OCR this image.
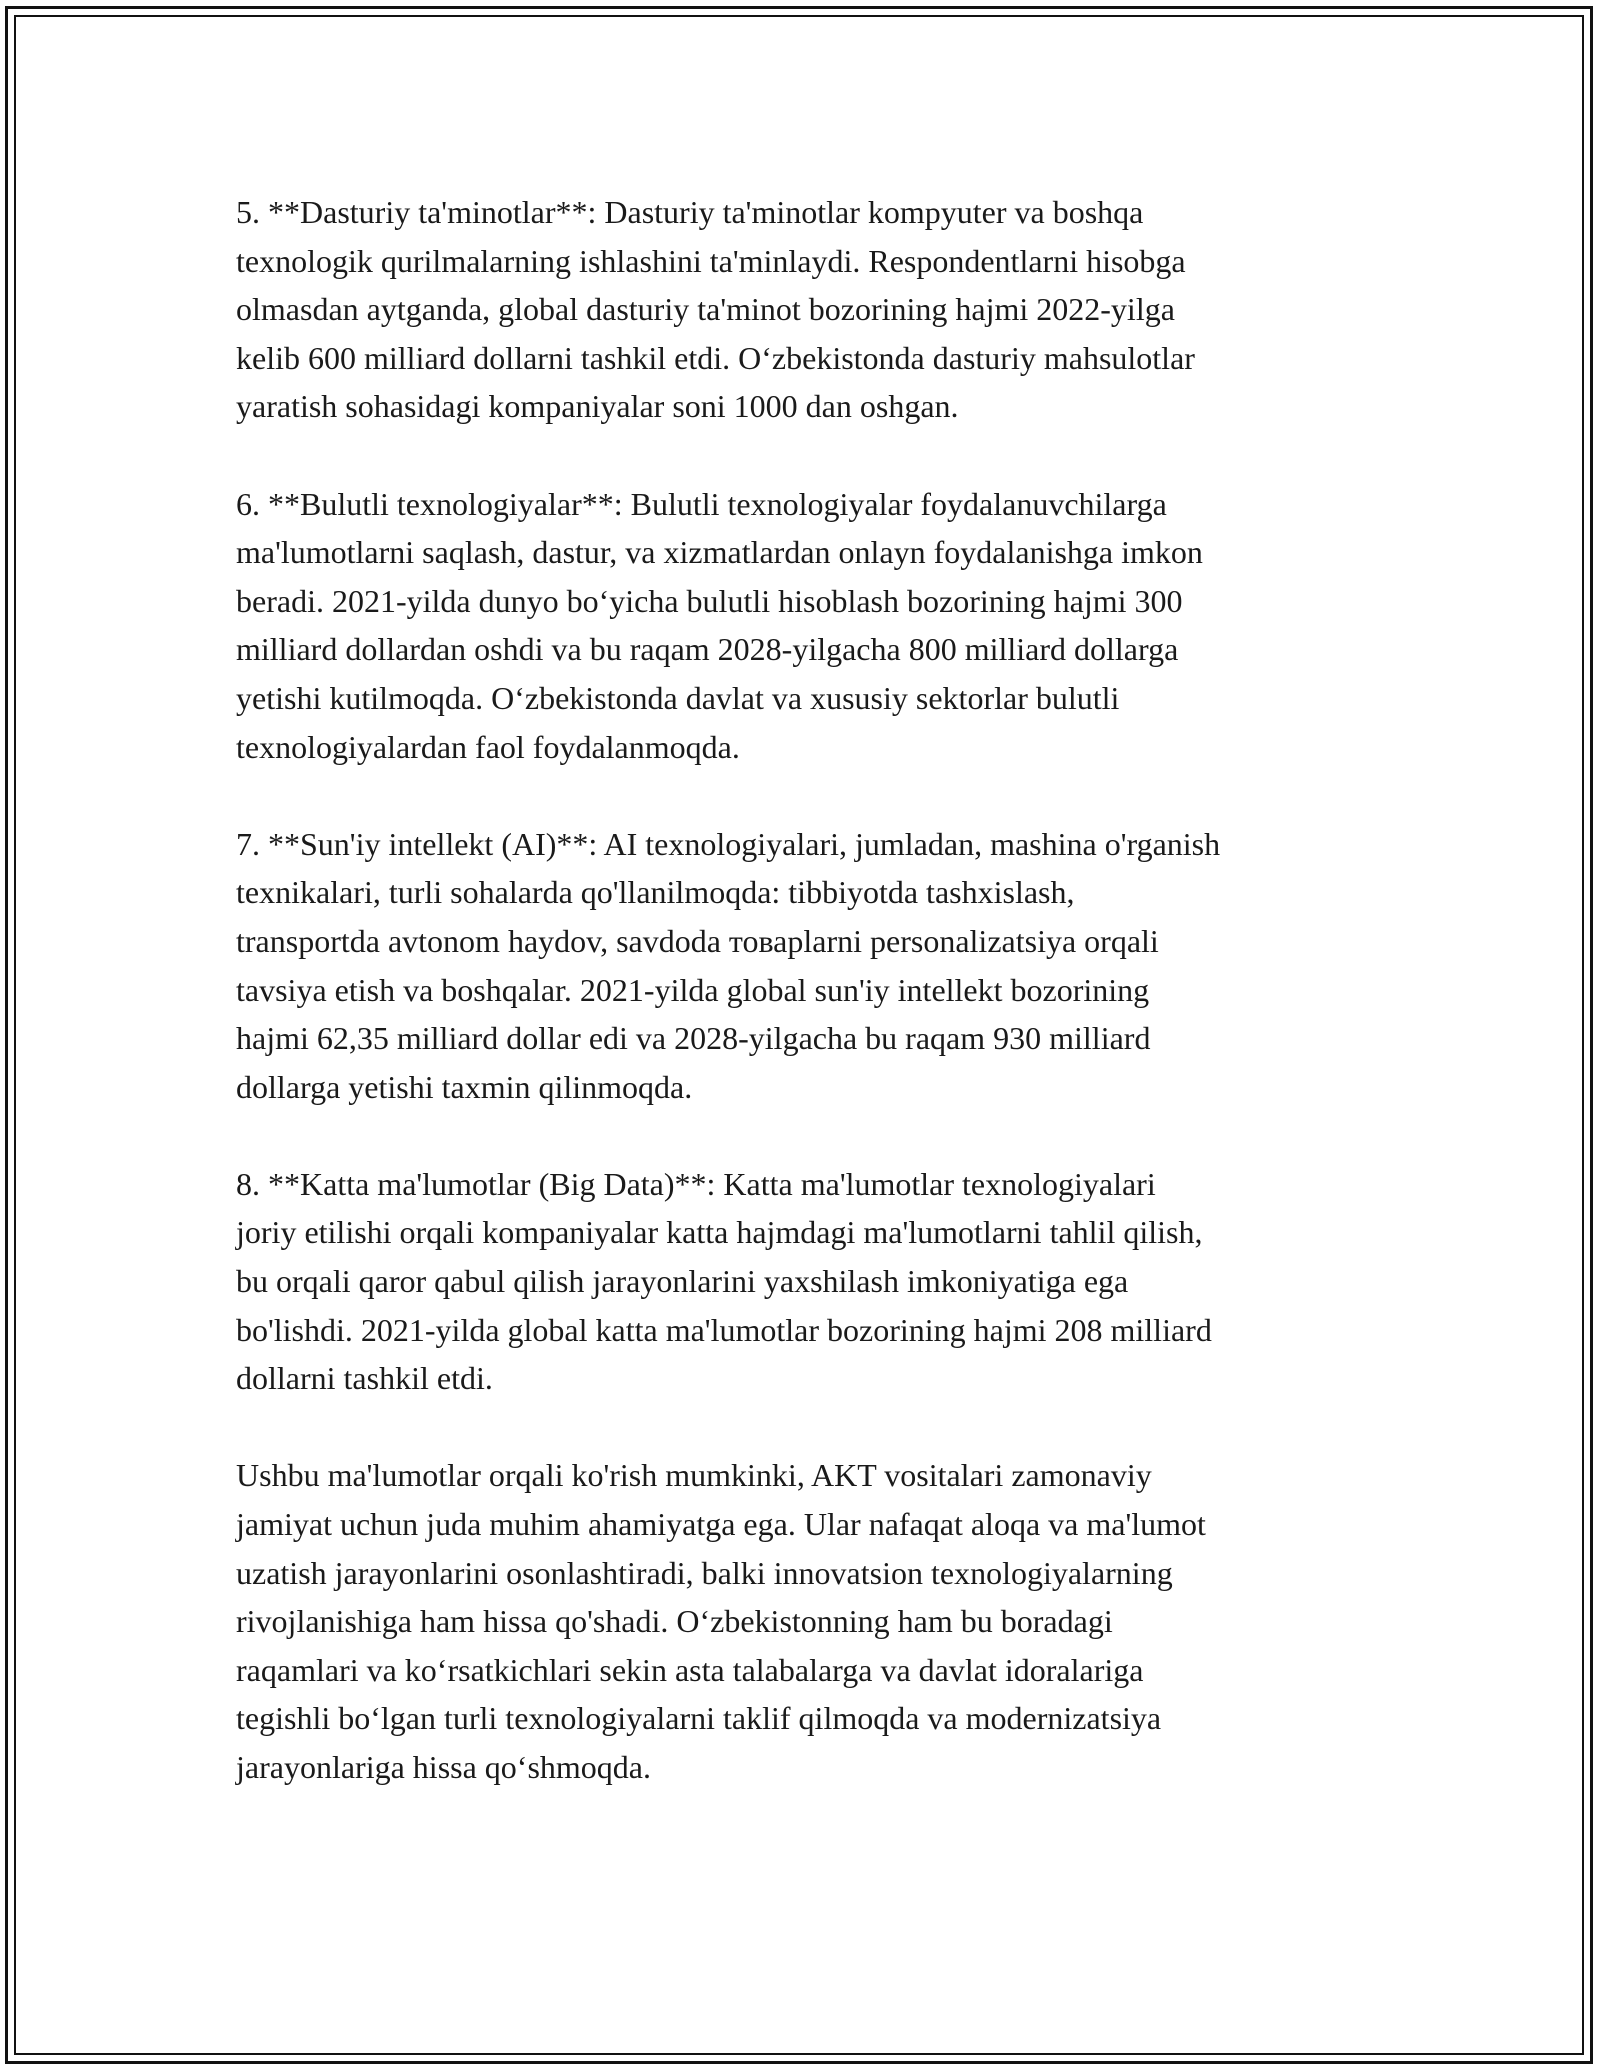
5. **Dasturiy ta'minotlar**: Dasturiy ta'minotlar kompyuter va boshqa
texnologik qurilmalarning ishlashini ta'minlaydi. Respondentlarni hisobga
olmasdan aytganda, global dasturiy ta'minot bozorining hajmi 2022-yilga
kelib 600 milliard dollarni tashkil etdi. O‘zbekistonda dasturiy mahsulotlar
yaratish sohasidagi kompaniyalar soni 1000 dan oshgan.

6. **Bulutli texnologiyalar**: Bulutli texnologiyalar foydalanuvchilarga
ma'lumotlarni saqlash, dastur, va xizmatlardan onlayn foydalanishga imkon
beradi. 2021-yilda dunyo bo‘yicha bulutli hisoblash bozorining hajmi 300
milliard dollardan oshdi va bu raqam 2028-yilgacha 800 milliard dollarga
yetishi kutilmoqda. O‘zbekistonda davlat va xususiy sektorlar bulutli
texnologiyalardan faol foydalanmoqda.

7. **Sun'iy intellekt (AI)**: AI texnologiyalari, jumladan, mashina o'rganish
texnikalari, turli sohalarda qo'llanilmoqda: tibbiyotda tashxislash,
transportda avtonom haydov, savdoda товарlarni personalizatsiya orqali
tavsiya etish va boshqalar. 2021-yilda global sun'iy intellekt bozorining
hajmi 62,35 milliard dollar edi va 2028-yilgacha bu raqam 930 milliard
dollarga yetishi taxmin qilinmoqda.

8. **Katta ma'lumotlar (Big Data)**: Katta ma'lumotlar texnologiyalari
joriy etilishi orqali kompaniyalar katta hajmdagi ma'lumotlarni tahlil qilish,
bu orqali qaror qabul qilish jarayonlarini yaxshilash imkoniyatiga ega
bo'lishdi. 2021-yilda global katta ma'lumotlar bozorining hajmi 208 milliard
dollarni tashkil etdi.

Ushbu ma'lumotlar orqali ko'rish mumkinki, AKT vositalari zamonaviy
jamiyat uchun juda muhim ahamiyatga ega. Ular nafaqat aloqa va ma'lumot
uzatish jarayonlarini osonlashtiradi, balki innovatsion texnologiyalarning
rivojlanishiga ham hissa qo'shadi. O‘zbekistonning ham bu boradagi
raqamlari va ko‘rsatkichlari sekin asta talabalarga va davlat idoralariga
tegishli bo‘lgan turli texnologiyalarni taklif qilmoqda va modernizatsiya
jarayonlariga hissa qo‘shmoqda.
